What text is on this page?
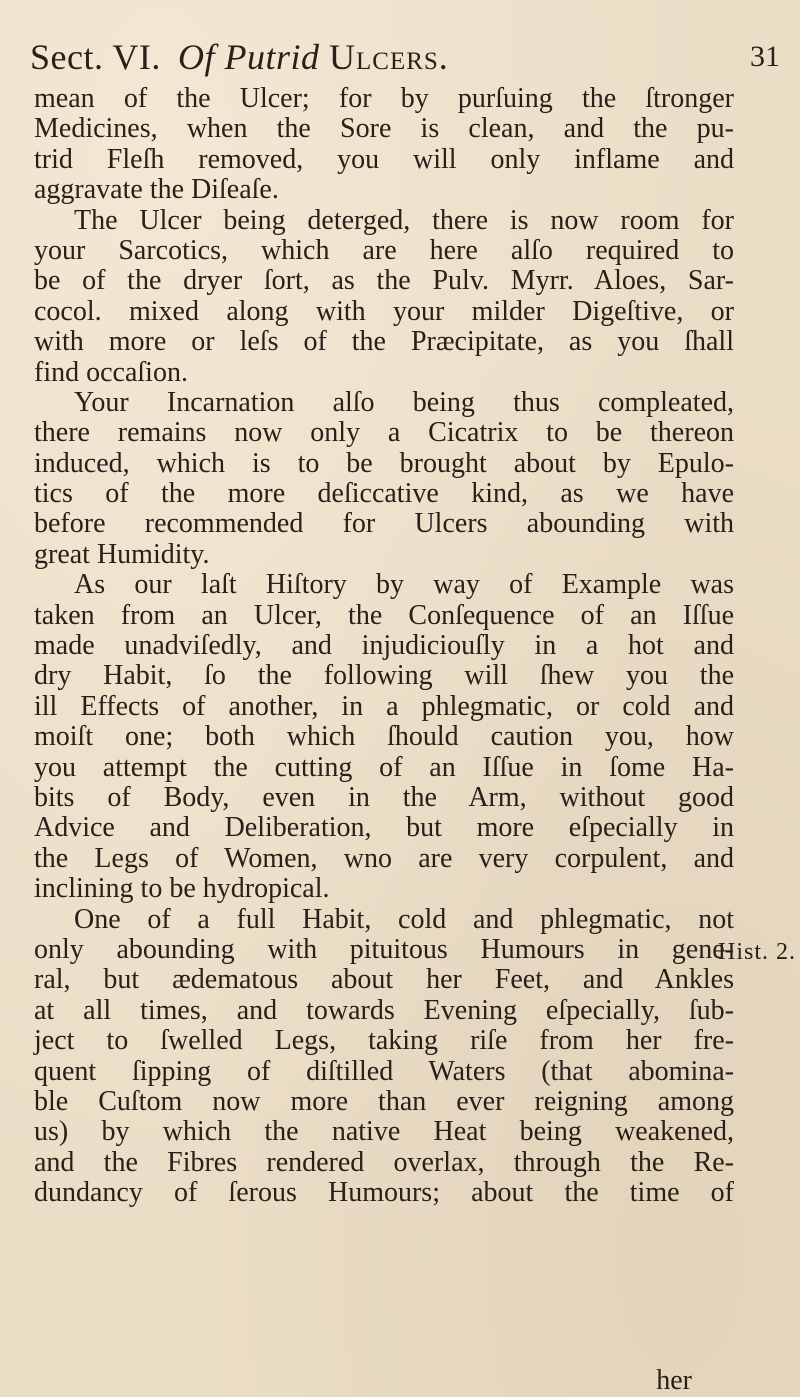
Sect. VI. Of Putrid Ulcers.	31
mean of the Ulcer; for by purſuing the ſtronger
Medicines, when the Sore is clean, and the pu-
trid Fleſh removed, you will only inflame and
aggravate the Diſeaſe.
The Ulcer being deterged, there is now room for
your Sarcotics, which are here alſo required to
be of the dryer ſort, as the Pulv. Myrr. Aloes, Sar-
cocol. mixed along with your milder Digeſtive, or
with more or leſs of the Præcipitate, as you ſhall
find occaſion.
Your Incarnation alſo being thus compleated,
there remains now only a Cicatrix to be thereon
induced, which is to be brought about by Epulo-
tics of the more deſiccative kind, as we have
before recommended for Ulcers abounding with
great Humidity.
As our laſt Hiſtory by way of Example was
taken from an Ulcer, the Conſequence of an Iſſue
made unadviſedly, and injudiciouſly in a hot and
dry Habit, ſo the following will ſhew you the
ill Effects of another, in a phlegmatic, or cold and
moiſt one; both which ſhould caution you, how
you attempt the cutting of an Iſſue in ſome Ha-
bits of Body, even in the Arm, without good
Advice and Deliberation, but more eſpecially in
the Legs of Women, wno are very corpulent, and
inclining to be hydropical.
One of a full Habit, cold and phlegmatic, not
only abounding with pituitous Humours in gene-
ral, but ædematous about her Feet, and Ankles
at all times, and towards Evening eſpecially, ſub-
ject to ſwelled Legs, taking riſe from her fre-
quent ſipping of diſtilled Waters (that abomina-
ble Cuſtom now more than ever reigning among
us) by which the native Heat being weakened,
and the Fibres rendered overlax, through the Re-
dundancy of ſerous Humours; about the time of
Hist. 2.
her
